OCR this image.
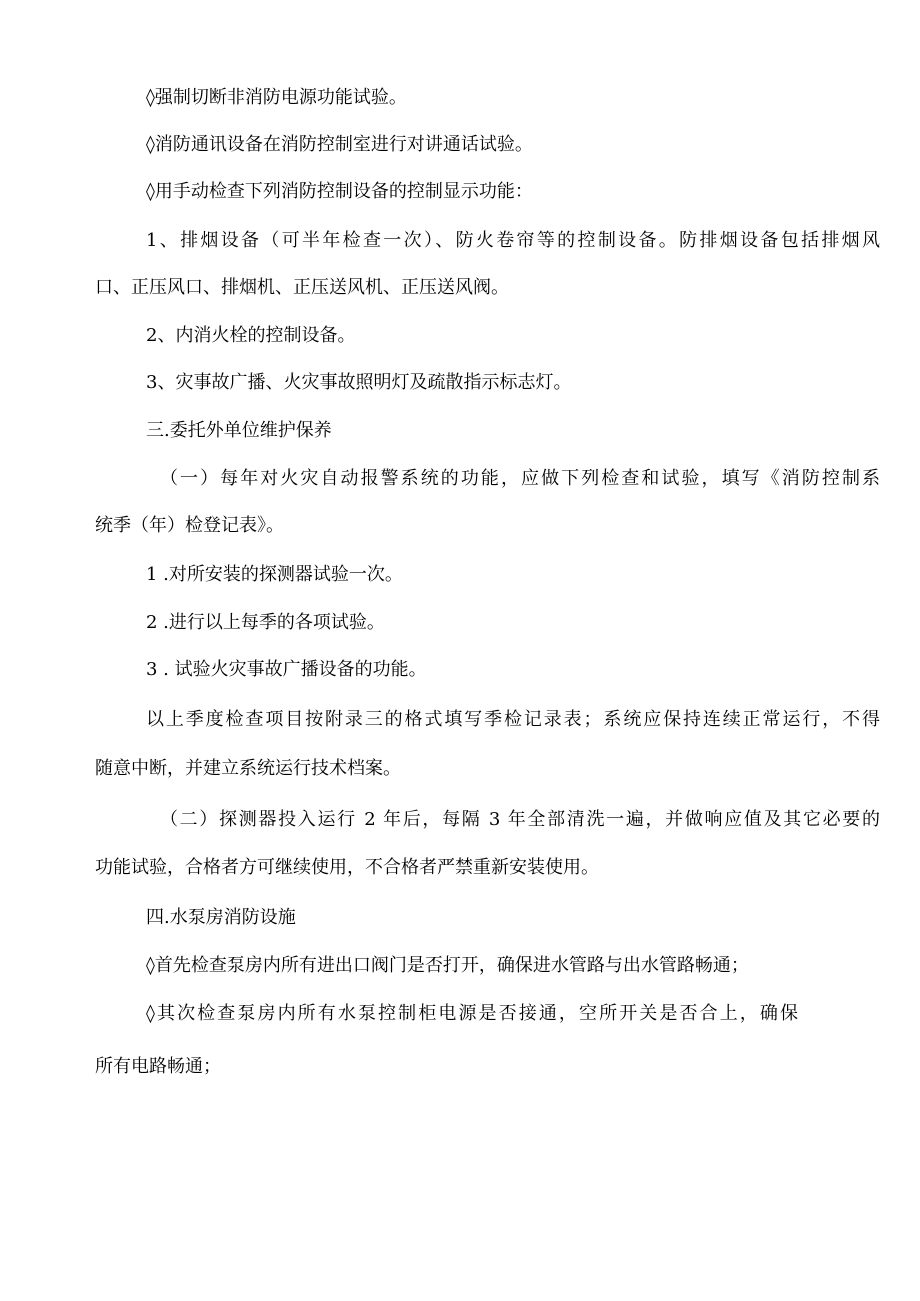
◊强制切断非消防电源功能试验。
◊消防通讯设备在消防控制室进行对讲通话试验。
◊用手动检查下列消防控制设备的控制显示功能：
1、排烟设备（可半年检查一次）、防火卷帘等的控制设备。防排烟设备包括排烟风
口、正压风口、排烟机、正压送风机、正压送风阀。
2、内消火栓的控制设备。
3、灾事故广播、火灾事故照明灯及疏散指示标志灯。
三.委托外单位维护保养
（一）每年对火灾自动报警系统的功能，应做下列检查和试验，填写《消防控制系
统季（年）检登记表》。
1 .对所安装的探测器试验一次。
2 .进行以上每季的各项试验。
3 . 试验火灾事故广播设备的功能。
以上季度检查项目按附录三的格式填写季检记录表；系统应保持连续正常运行，不得
随意中断，并建立系统运行技术档案。
（二）探测器投入运行 2 年后，每隔 3 年全部清洗一遍，并做响应值及其它必要的
功能试验，合格者方可继续使用，不合格者严禁重新安装使用。
四.水泵房消防设施
◊首先检查泵房内所有进出口阀门是否打开，确保进水管路与出水管路畅通；
◊其次检查泵房内所有水泵控制柜电源是否接通，空所开关是否合上，确保
所有电路畅通；
